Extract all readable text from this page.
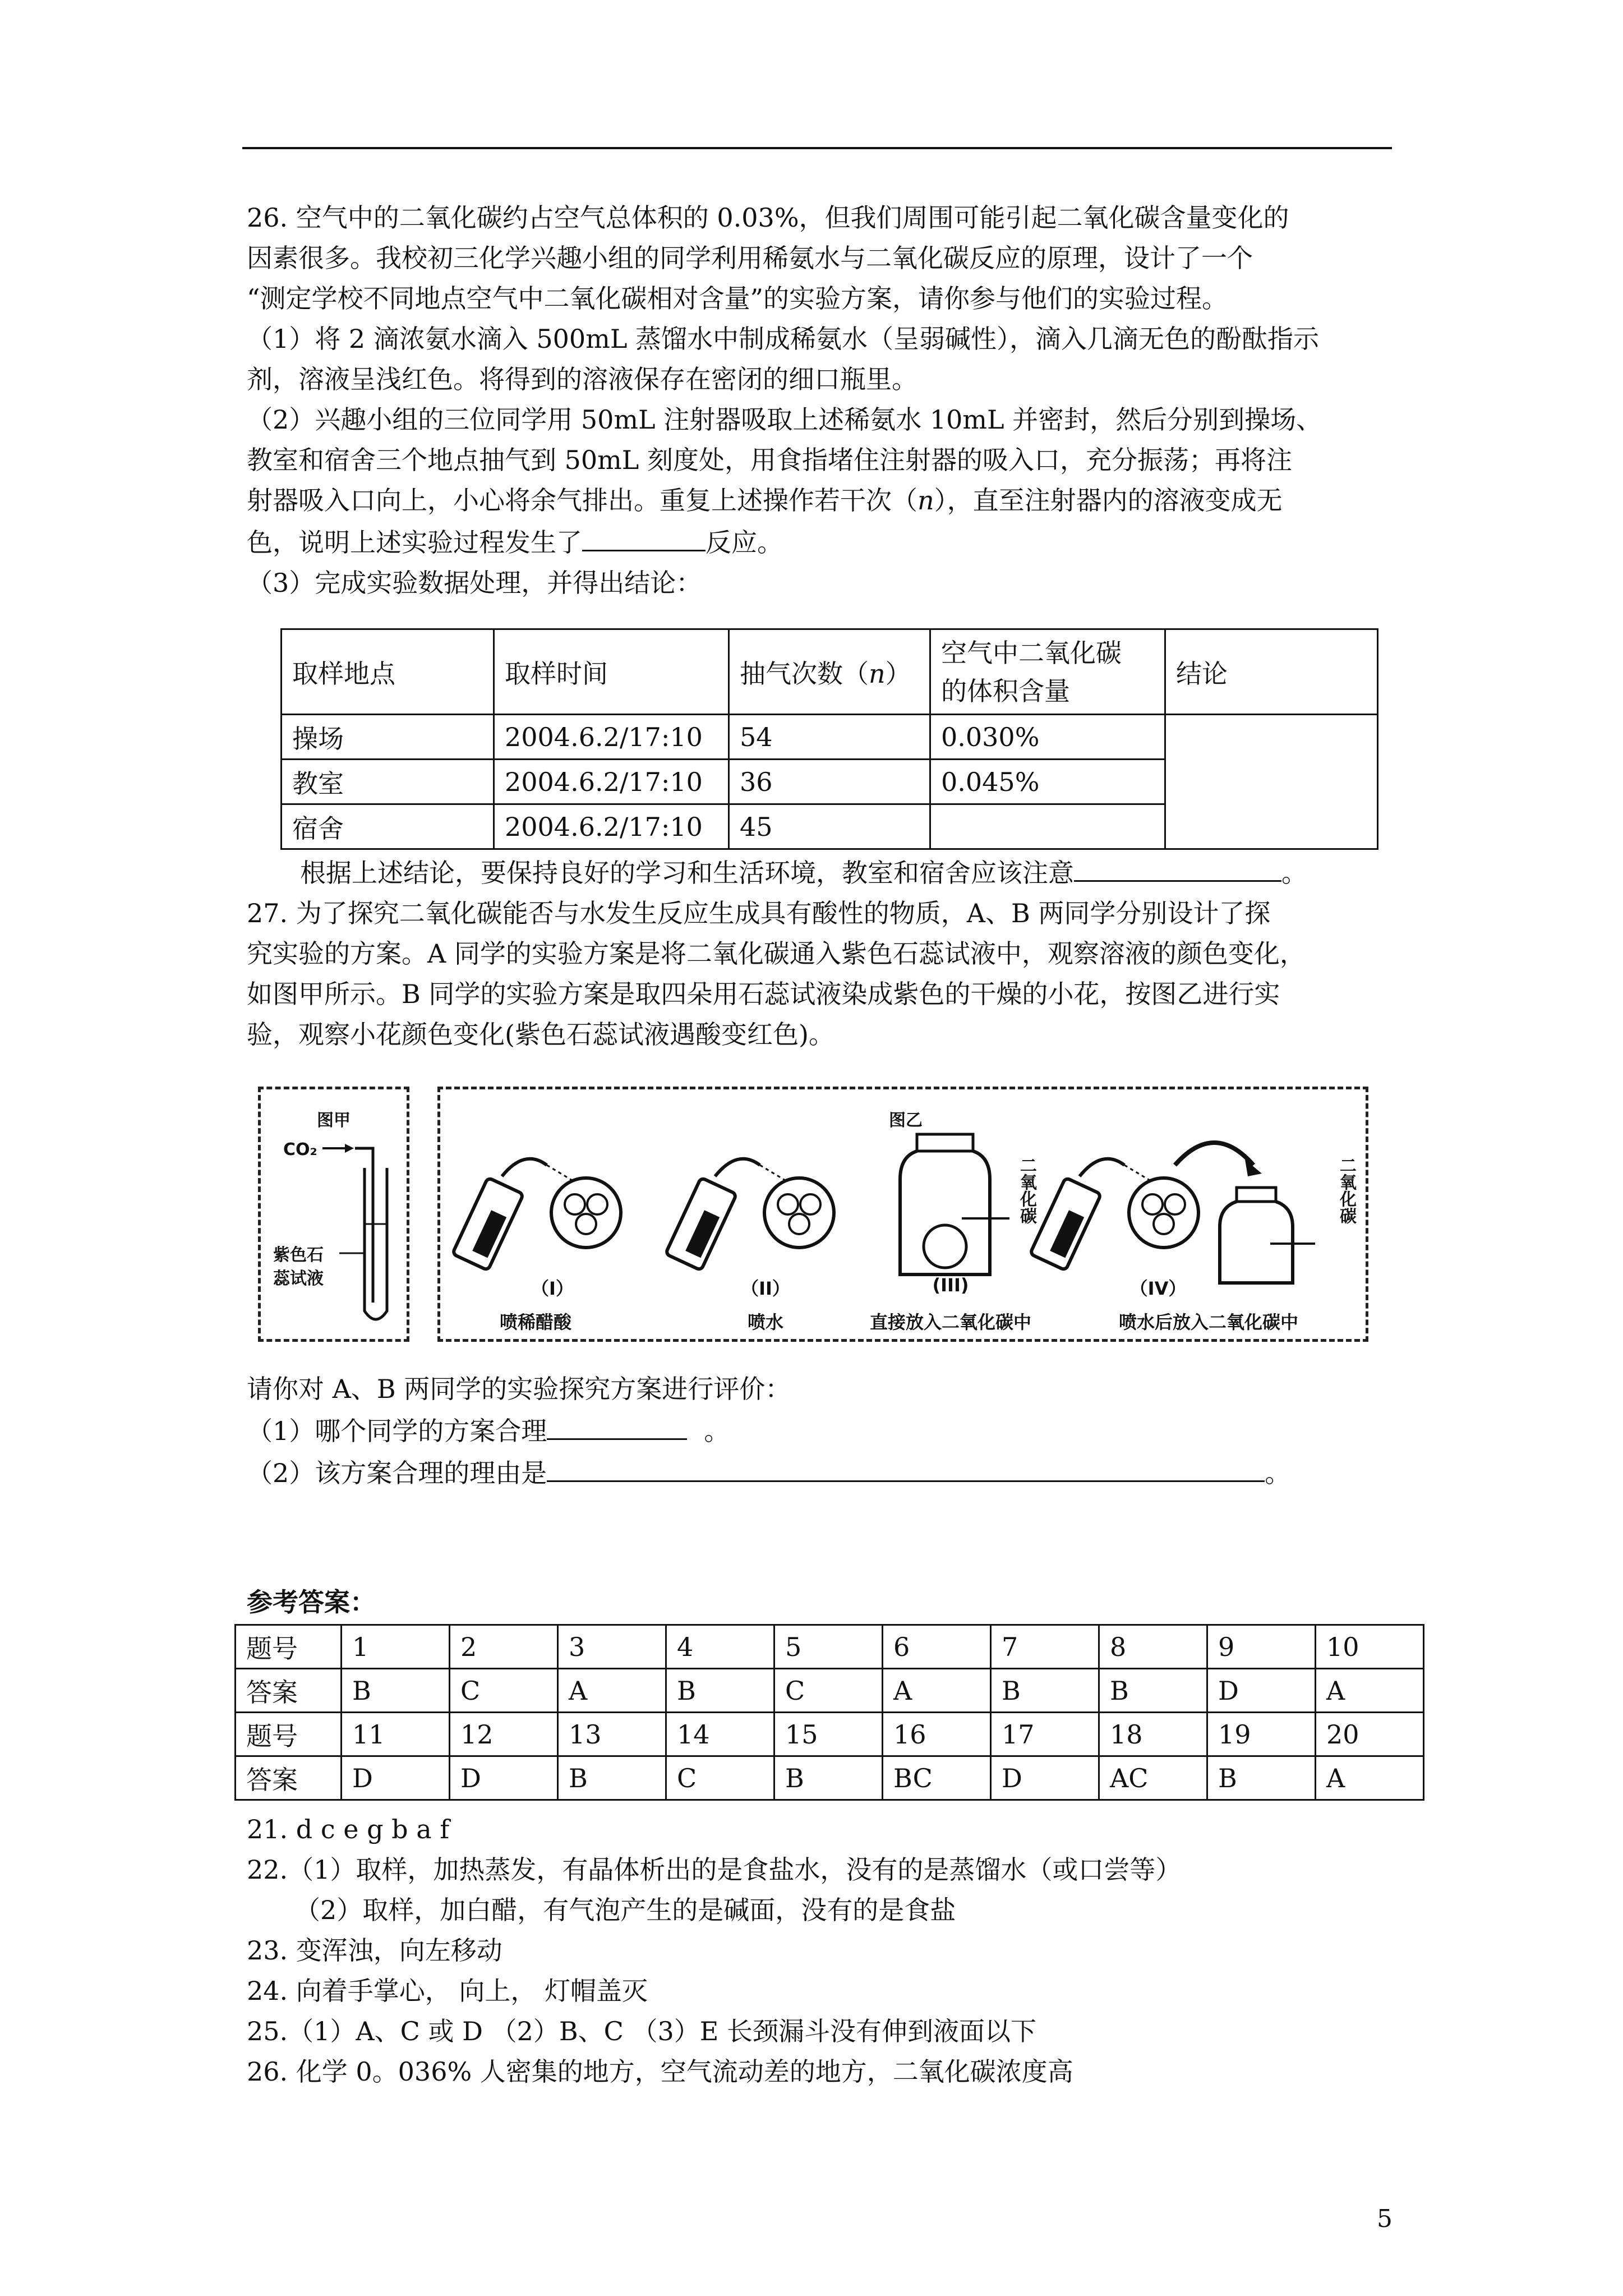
26. 空气中的二氧化碳约占空气总体积的 0.03%，但我们周围可能引起二氧化碳含量变化的

因素很多。我校初三化学兴趣小组的同学利用稀氨水与二氧化碳反应的原理，设计了一个

“测定学校不同地点空气中二氧化碳相对含量”的实验方案，请你参与他们的实验过程。

（1）将 2 滴浓氨水滴入 500mL 蒸馏水中制成稀氨水（呈弱碱性），滴入几滴无色的酚酞指示

剂，溶液呈浅红色。将得到的溶液保存在密闭的细口瓶里。

（2）兴趣小组的三位同学用 50mL 注射器吸取上述稀氨水 10mL 并密封，然后分别到操场、

教室和宿舍三个地点抽气到 50mL 刻度处，用食指堵住注射器的吸入口，充分振荡；再将注

射器吸入口向上，小心将余气排出。重复上述操作若干次（n），直至注射器内的溶液变成无

色，说明上述实验过程发生了	反应。

（3）完成实验数据处理，并得出结论：

取样地点	取样时间	抽气次数（n）	空气中二氧化碳
的体积含量	结论
操场	2004.6.2/17:10	54	0.030%	
教室	2004.6.2/17:10	36	0.045%	
宿舍	2004.6.2/17:10	45		

根据上述结论，要保持良好的学习和生活环境，教室和宿舍应该注意	。

27. 为了探究二氧化碳能否与水发生反应生成具有酸性的物质，A、B 两同学分别设计了探

究实验的方案。A 同学的实验方案是将二氧化碳通入紫色石蕊试液中，观察溶液的颜色变化，

如图甲所示。B 同学的实验方案是取四朵用石蕊试液染成紫色的干燥的小花，按图乙进行实

验，观察小花颜色变化(紫色石蕊试液遇酸变红色)。

图甲
CO₂
紫色石
蕊试液
图乙
二氧化碳	二氧化碳
（I）	（II）	(III)	（IV）
喷稀醋酸	喷水	直接放入二氧化碳中	喷水后放入二氧化碳中

请你对 A、B 两同学的实验探究方案进行评价：

（1）哪个同学的方案合理	。

（2）该方案合理的理由是	。

参考答案：
题号	1	2	3	4	5	6	7	8	9	10
答案	B	C	A	B	C	A	B	B	D	A
题号	11	12	13	14	15	16	17	18	19	20
答案	D	D	B	C	B	BC	D	AC	B	A

21. d c e g b a f

22.（1）取样，加热蒸发，有晶体析出的是食盐水，没有的是蒸馏水（或口尝等）

（2）取样，加白醋，有气泡产生的是碱面，没有的是食盐

23. 变浑浊，向左移动

24. 向着手掌心， 向上， 灯帽盖灭

25.（1）A、C 或 D （2）B、C （3）E 长颈漏斗没有伸到液面以下

26. 化学 0。036% 人密集的地方，空气流动差的地方，二氧化碳浓度高

5
